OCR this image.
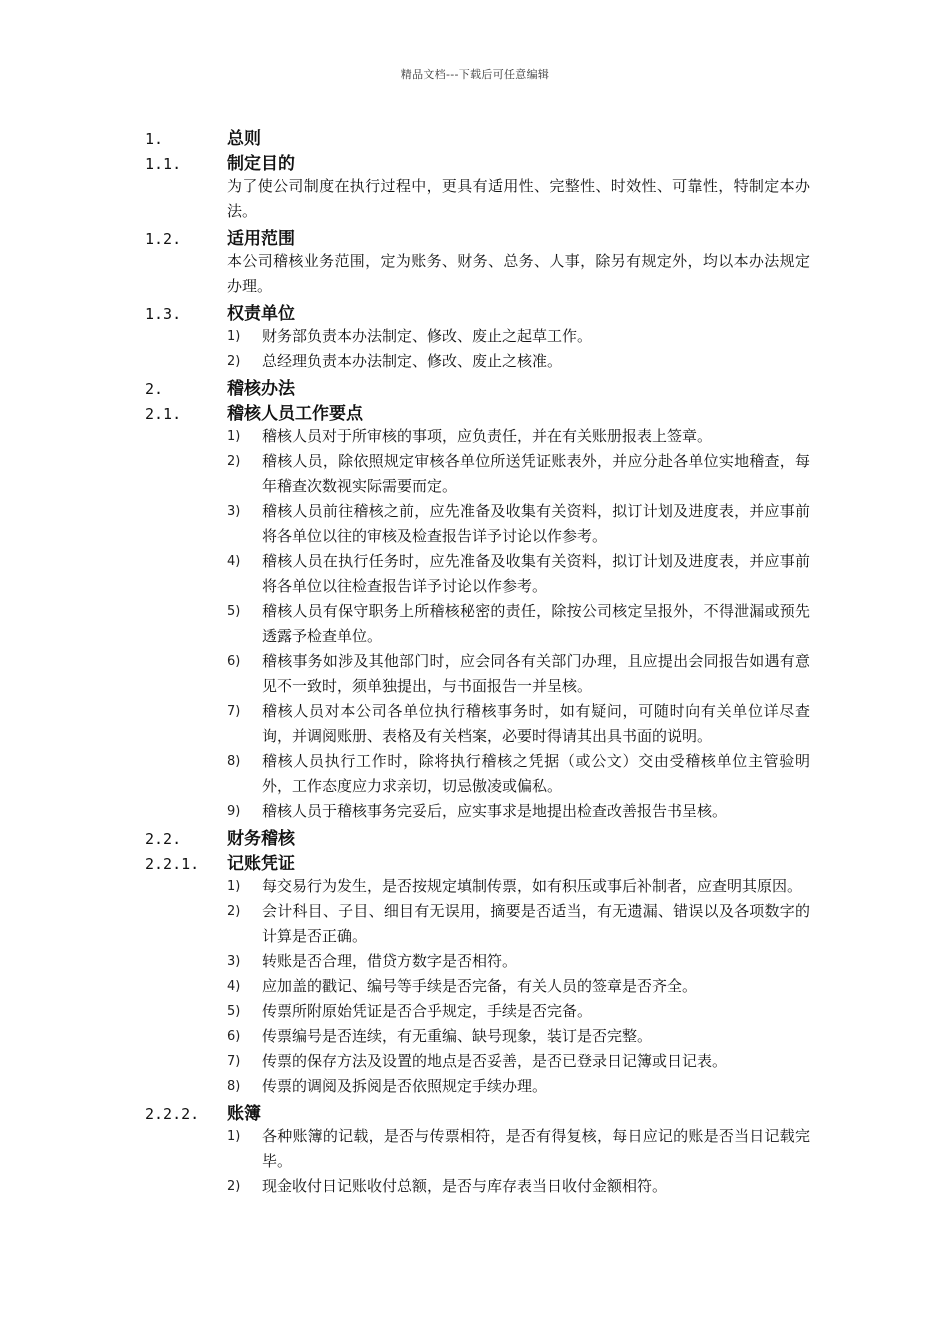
精品文档---下载后可任意编辑
1.	总则
1.1.	制定目的
为了使公司制度在执行过程中，更具有适用性、完整性、时效性、可靠性，特制定本办法。
1.2.	适用范围
本公司稽核业务范围，定为账务、财务、总务、人事，除另有规定外，均以本办法规定办理。
1.3.	权责单位
1)	财务部负责本办法制定、修改、废止之起草工作。
2)	总经理负责本办法制定、修改、废止之核准。
2.	稽核办法
2.1.	稽核人员工作要点
1)	稽核人员对于所审核的事项，应负责任，并在有关账册报表上签章。
2)	稽核人员，除依照规定审核各单位所送凭证账表外，并应分赴各单位实地稽查，每年稽查次数视实际需要而定。
3)	稽核人员前往稽核之前，应先准备及收集有关资料，拟订计划及进度表，并应事前将各单位以往的审核及检查报告详予讨论以作参考。
4)	稽核人员在执行任务时，应先准备及收集有关资料，拟订计划及进度表，并应事前将各单位以往检查报告详予讨论以作参考。
5)	稽核人员有保守职务上所稽核秘密的责任，除按公司核定呈报外，不得泄漏或预先透露予检查单位。
6)	稽核事务如涉及其他部门时，应会同各有关部门办理，且应提出会同报告如遇有意见不一致时，须单独提出，与书面报告一并呈核。
7)	稽核人员对本公司各单位执行稽核事务时，如有疑问，可随时向有关单位详尽查询，并调阅账册、表格及有关档案，必要时得请其出具书面的说明。
8)	稽核人员执行工作时，除将执行稽核之凭据（或公文）交由受稽核单位主管验明外，工作态度应力求亲切，切忌傲凌或偏私。
9)	稽核人员于稽核事务完妥后，应实事求是地提出检查改善报告书呈核。
2.2.	财务稽核
2.2.1.	记账凭证
1)	每交易行为发生，是否按规定填制传票，如有积压或事后补制者，应查明其原因。
2)	会计科目、子目、细目有无误用，摘要是否适当，有无遗漏、错误以及各项数字的计算是否正确。
3)	转账是否合理，借贷方数字是否相符。
4)	应加盖的戳记、编号等手续是否完备，有关人员的签章是否齐全。
5)	传票所附原始凭证是否合乎规定，手续是否完备。
6)	传票编号是否连续，有无重编、缺号现象，装订是否完整。
7)	传票的保存方法及设置的地点是否妥善，是否已登录日记簿或日记表。
8)	传票的调阅及拆阅是否依照规定手续办理。
2.2.2.	账簿
1)	各种账簿的记载，是否与传票相符，是否有得复核，每日应记的账是否当日记载完毕。
2)	现金收付日记账收付总额，是否与库存表当日收付金额相符。
